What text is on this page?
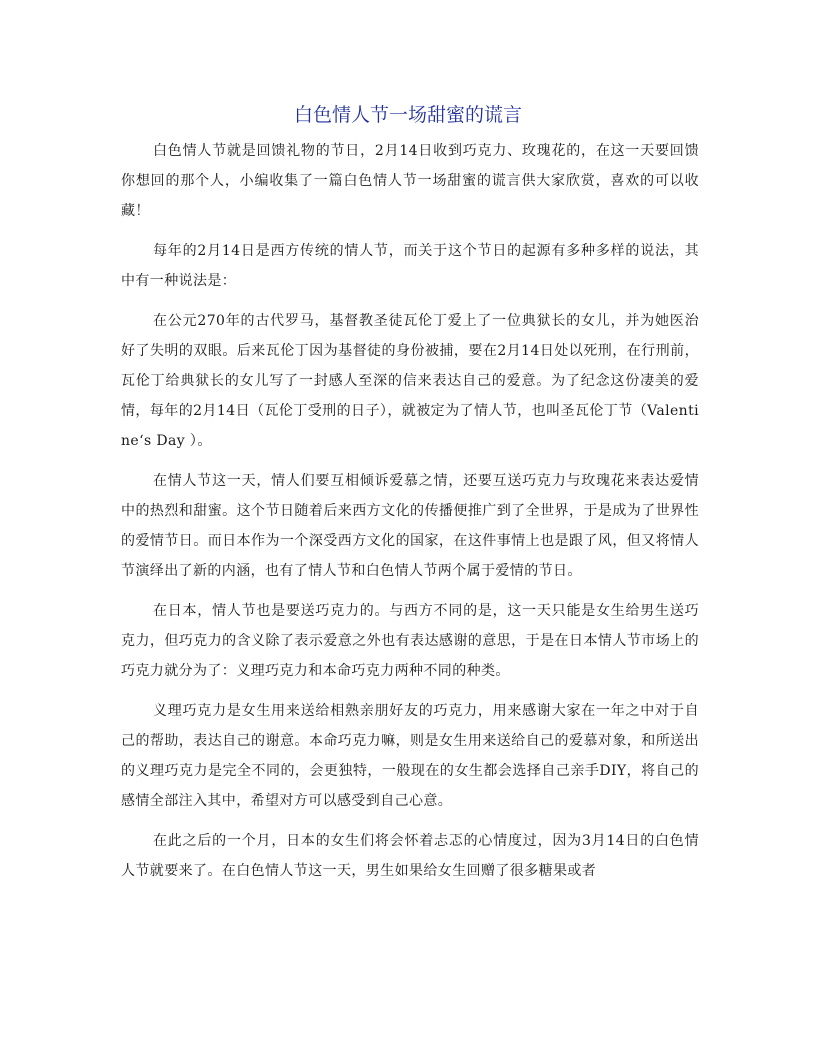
白色情人节一场甜蜜的谎言

白色情人节就是回馈礼物的节日，2月14日收到巧克力、玫瑰花的，在这一天要回馈你想回的那个人，小编收集了一篇白色情人节一场甜蜜的谎言供大家欣赏，喜欢的可以收藏！

每年的2月14日是西方传统的情人节，而关于这个节日的起源有多种多样的说法，其中有一种说法是：

在公元270年的古代罗马，基督教圣徒瓦伦丁爱上了一位典狱长的女儿，并为她医治好了失明的双眼。后来瓦伦丁因为基督徒的身份被捕，要在2月14日处以死刑，在行刑前，瓦伦丁给典狱长的女儿写了一封感人至深的信来表达自己的爱意。为了纪念这份凄美的爱情，每年的2月14日（瓦伦丁受刑的日子），就被定为了情人节，也叫圣瓦伦丁节（Valentine‘s Day ）。

在情人节这一天，情人们要互相倾诉爱慕之情，还要互送巧克力与玫瑰花来表达爱情中的热烈和甜蜜。这个节日随着后来西方文化的传播便推广到了全世界，于是成为了世界性的爱情节日。而日本作为一个深受西方文化的国家，在这件事情上也是跟了风，但又将情人节演绎出了新的内涵，也有了情人节和白色情人节两个属于爱情的节日。

在日本，情人节也是要送巧克力的。与西方不同的是，这一天只能是女生给男生送巧克力，但巧克力的含义除了表示爱意之外也有表达感谢的意思，于是在日本情人节市场上的巧克力就分为了：义理巧克力和本命巧克力两种不同的种类。

义理巧克力是女生用来送给相熟亲朋好友的巧克力，用来感谢大家在一年之中对于自己的帮助，表达自己的谢意。本命巧克力嘛，则是女生用来送给自己的爱慕对象，和所送出的义理巧克力是完全不同的，会更独特，一般现在的女生都会选择自己亲手DIY，将自己的感情全部注入其中，希望对方可以感受到自己心意。

在此之后的一个月，日本的女生们将会怀着忐忑的心情度过，因为3月14日的白色情人节就要来了。在白色情人节这一天，男生如果给女生回赠了很多糖果或者
